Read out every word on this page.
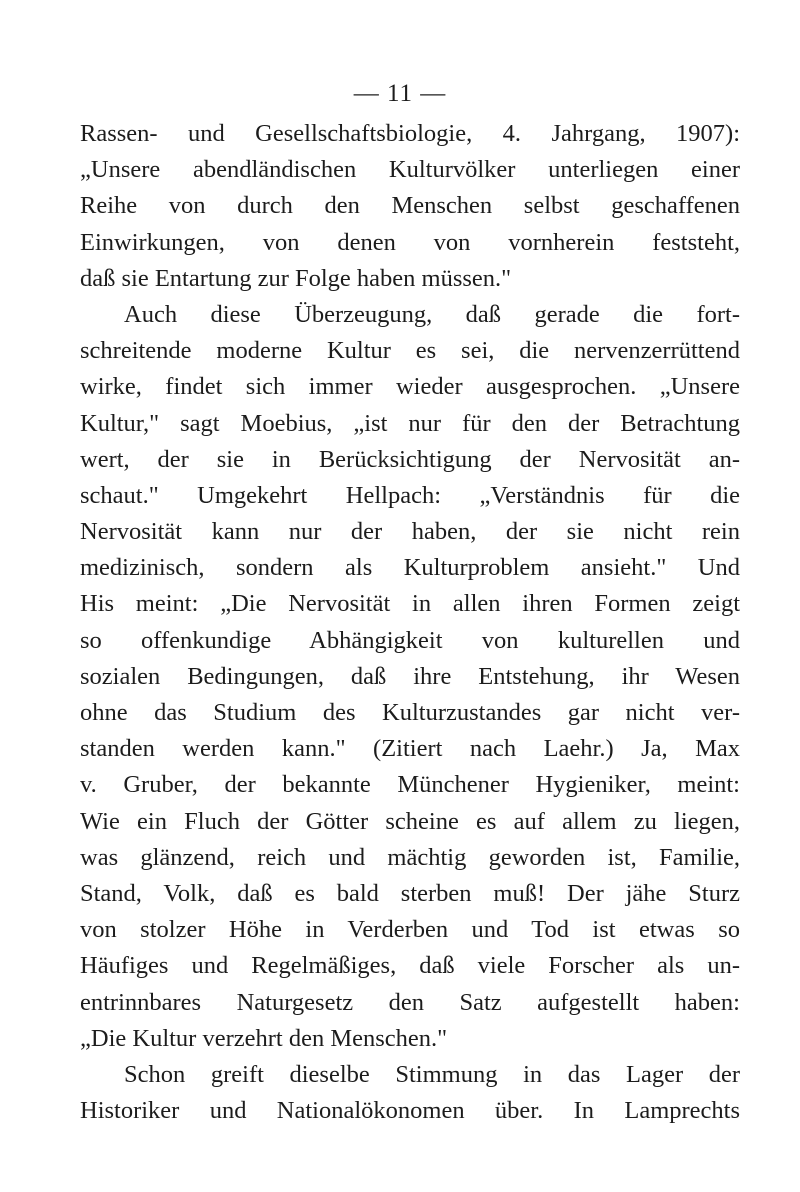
— 11 —
Rassen- und Gesellschaftsbiologie, 4. Jahrgang, 1907):
„Unsere abendländischen Kulturvölker unterliegen einer
Reihe von durch den Menschen selbst geschaffenen
Einwirkungen, von denen von vornherein feststeht,
daß sie Entartung zur Folge haben müssen."
Auch diese Überzeugung, daß gerade die fort-
schreitende moderne Kultur es sei, die nervenzerrüttend
wirke, findet sich immer wieder ausgesprochen. „Unsere
Kultur," sagt Moebius, „ist nur für den der Betrachtung
wert, der sie in Berücksichtigung der Nervosität an-
schaut." Umgekehrt Hellpach: „Verständnis für die
Nervosität kann nur der haben, der sie nicht rein
medizinisch, sondern als Kulturproblem ansieht." Und
His meint: „Die Nervosität in allen ihren Formen zeigt
so offenkundige Abhängigkeit von kulturellen und
sozialen Bedingungen, daß ihre Entstehung, ihr Wesen
ohne das Studium des Kulturzustandes gar nicht ver-
standen werden kann." (Zitiert nach Laehr.) Ja, Max
v. Gruber, der bekannte Münchener Hygieniker, meint:
Wie ein Fluch der Götter scheine es auf allem zu liegen,
was glänzend, reich und mächtig geworden ist, Familie,
Stand, Volk, daß es bald sterben muß! Der jähe Sturz
von stolzer Höhe in Verderben und Tod ist etwas so
Häufiges und Regelmäßiges, daß viele Forscher als un-
entrinnbares Naturgesetz den Satz aufgestellt haben:
„Die Kultur verzehrt den Menschen."
Schon greift dieselbe Stimmung in das Lager der
Historiker und Nationalökonomen über. In Lamprechts
